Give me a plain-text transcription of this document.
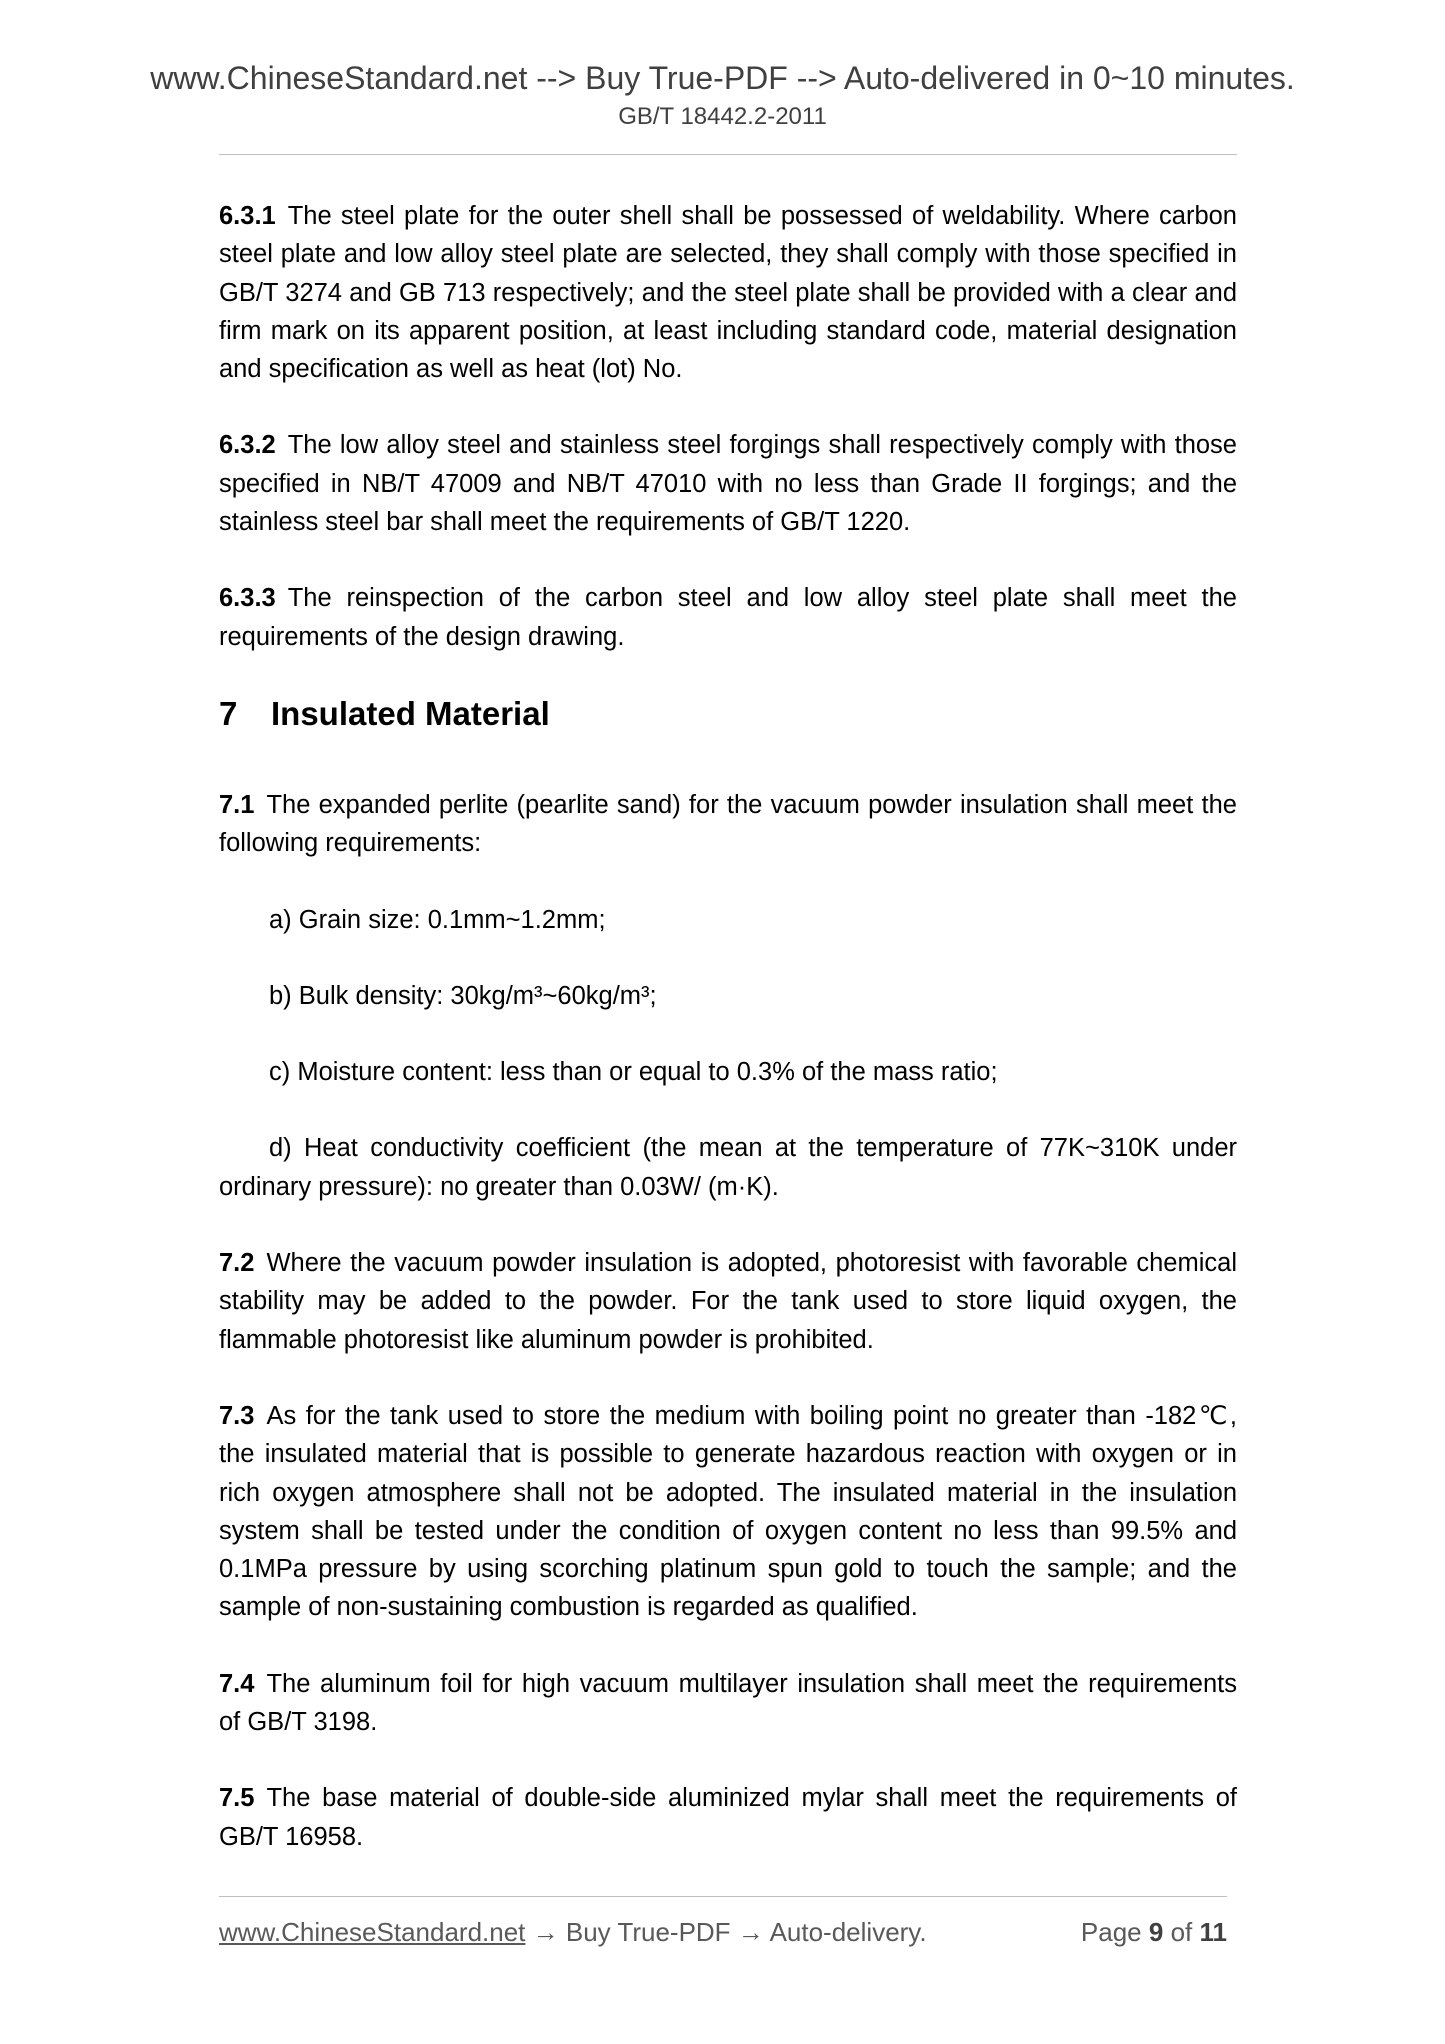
www.ChineseStandard.net --> Buy True-PDF --> Auto-delivered in 0~10 minutes.
GB/T 18442.2-2011

6.3.1 The steel plate for the outer shell shall be possessed of weldability. Where carbon steel plate and low alloy steel plate are selected, they shall comply with those specified in GB/T 3274 and GB 713 respectively; and the steel plate shall be provided with a clear and firm mark on its apparent position, at least including standard code, material designation and specification as well as heat (lot) No.

6.3.2 The low alloy steel and stainless steel forgings shall respectively comply with those specified in NB/T 47009 and NB/T 47010 with no less than Grade II forgings; and the stainless steel bar shall meet the requirements of GB/T 1220.

6.3.3 The reinspection of the carbon steel and low alloy steel plate shall meet the requirements of the design drawing.

7 Insulated Material

7.1 The expanded perlite (pearlite sand) for the vacuum powder insulation shall meet the following requirements:

a) Grain size: 0.1mm~1.2mm;

b) Bulk density: 30kg/m³~60kg/m³;

c) Moisture content: less than or equal to 0.3% of the mass ratio;

d) Heat conductivity coefficient (the mean at the temperature of 77K~310K under ordinary pressure): no greater than 0.03W/ (m·K).

7.2 Where the vacuum powder insulation is adopted, photoresist with favorable chemical stability may be added to the powder. For the tank used to store liquid oxygen, the flammable photoresist like aluminum powder is prohibited.

7.3 As for the tank used to store the medium with boiling point no greater than -182℃, the insulated material that is possible to generate hazardous reaction with oxygen or in rich oxygen atmosphere shall not be adopted. The insulated material in the insulation system shall be tested under the condition of oxygen content no less than 99.5% and 0.1MPa pressure by using scorching platinum spun gold to touch the sample; and the sample of non-sustaining combustion is regarded as qualified.

7.4 The aluminum foil for high vacuum multilayer insulation shall meet the requirements of GB/T 3198.

7.5 The base material of double-side aluminized mylar shall meet the requirements of GB/T 16958.

www.ChineseStandard.net → Buy True-PDF → Auto-delivery.	Page 9 of 11
